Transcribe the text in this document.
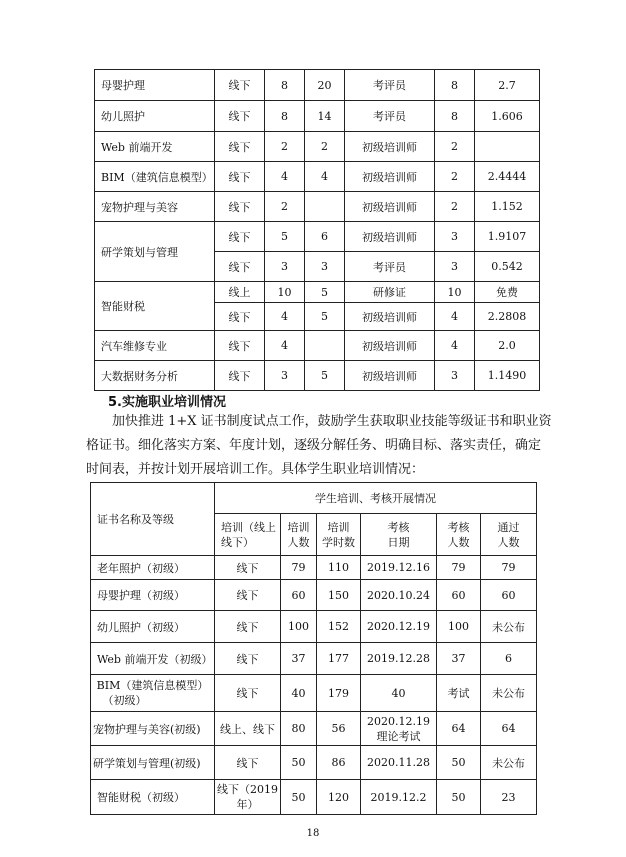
母婴护理	线下	8	20	考评员	8	2.7
幼儿照护	线下	8	14	考评员	8	1.606
Web 前端开发	线下	2	2	初级培训师	2	
BIM（建筑信息模型）	线下	4	4	初级培训师	2	2.4444
宠物护理与美容	线下	2		初级培训师	2	1.152
研学策划与管理	线下	5	6	初级培训师	3	1.9107
	线下	3	3	考评员	3	0.542
智能财税	线上	10	5	研修证	10	免费
	线下	4	5	初级培训师	4	2.2808
汽车维修专业	线下	4		初级培训师	4	2.0
大数据财务分析	线下	3	5	初级培训师	3	1.1490
5.实施职业培训情况
加快推进 1+X 证书制度试点工作，鼓励学生获取职业技能等级证书和职业资
格证书。细化落实方案、年度计划，逐级分解任务、明确目标、落实责任，确定
时间表，并按计划开展培训工作。具体学生职业培训情况：
证书名称及等级	学生培训、考核开展情况					
	培训（线上
线下）	培训
人数	培训
学时数	考核
日期	考核
人数	通过
人数
老年照护（初级）	线下	79	110	2019.12.16	79	79
母婴护理（初级）	线下	60	150	2020.10.24	60	60
幼儿照护（初级）	线下	100	152	2020.12.19	100	未公布
Web 前端开发（初级）	线下	37	177	2019.12.28	37	6
BIM（建筑信息模型）
（初级）	线下	40	179	40	考试	未公布
宠物护理与美容(初级)	线上、线下	80	56	2020.12.19
理论考试	64	64
研学策划与管理(初级)	线下	50	86	2020.11.28	50	未公布
智能财税（初级）	线下（2019
年）	50	120	2019.12.2	50	23
18
